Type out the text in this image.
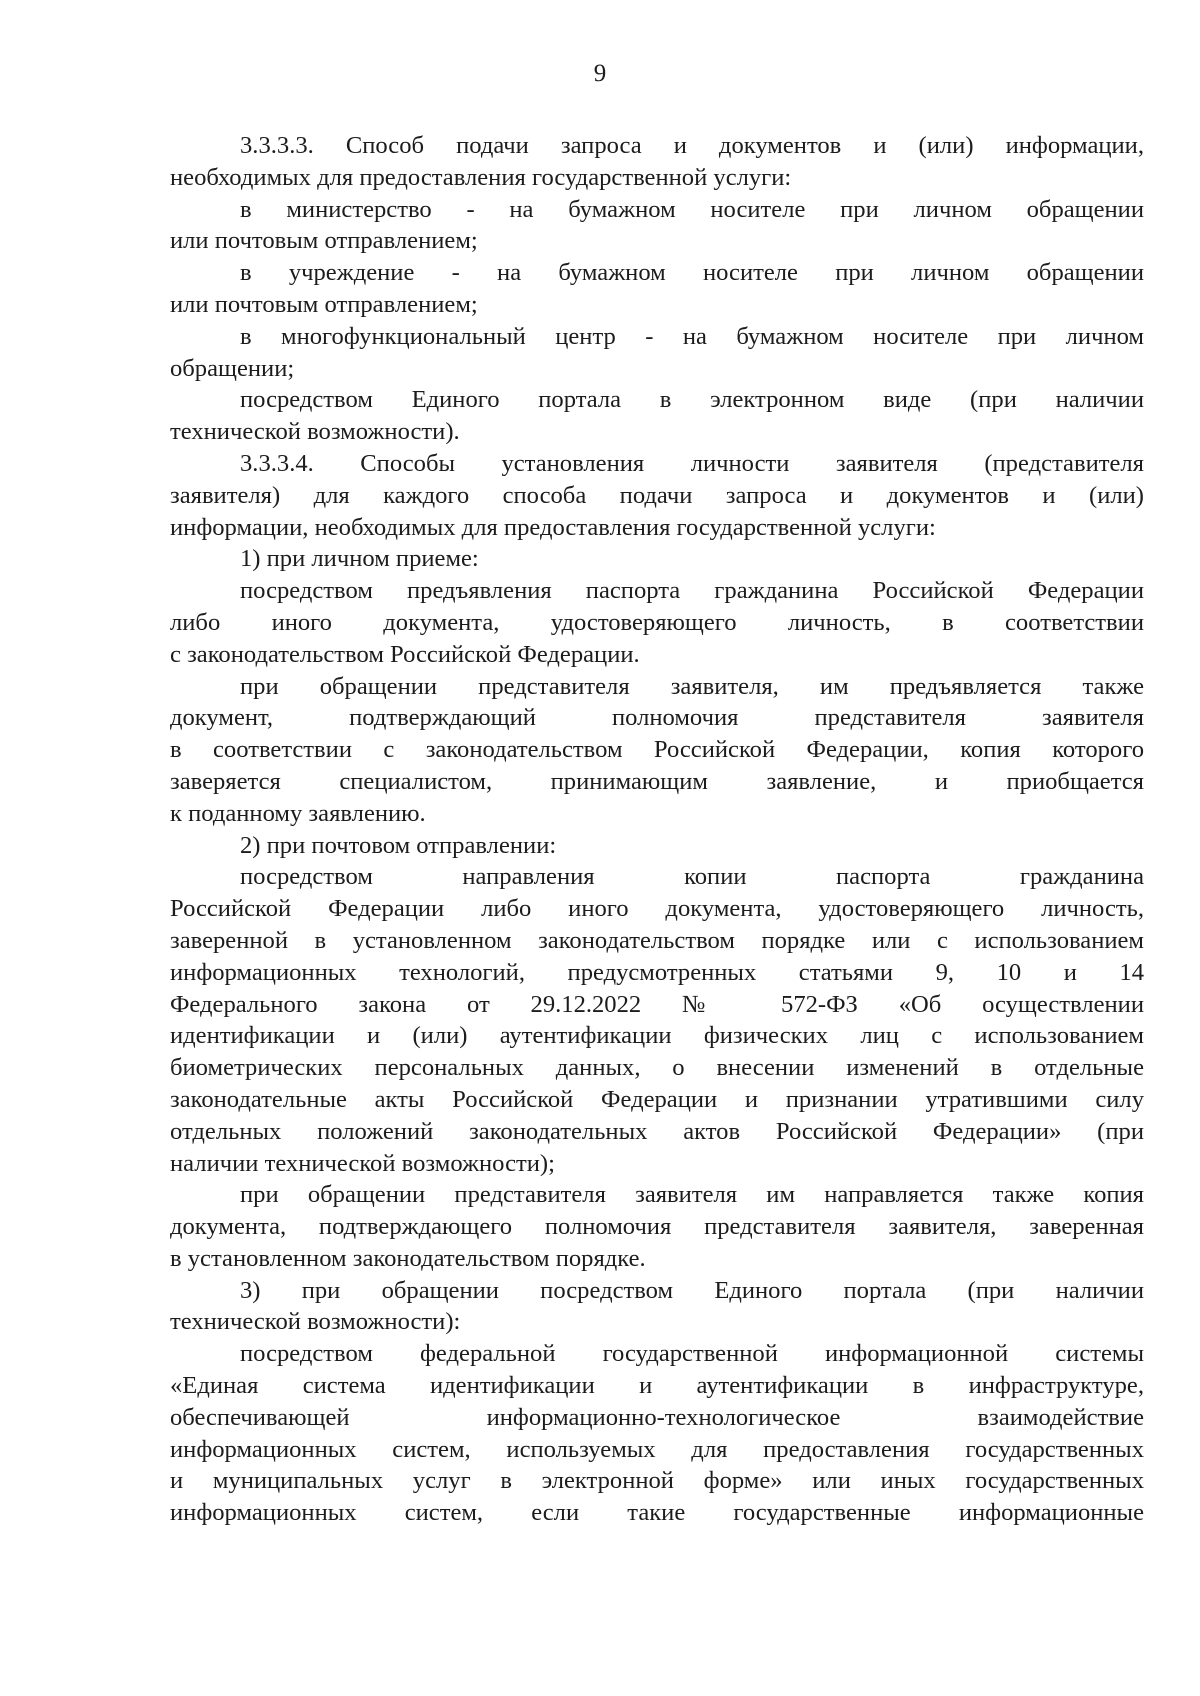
9

3.3.3.3. Способ подачи запроса и документов и (или) информации,
необходимых для предоставления государственной услуги:

в министерство - на бумажном носителе при личном обращении
или почтовым отправлением;

в учреждение - на бумажном носителе при личном обращении
или почтовым отправлением;

в многофункциональный центр - на бумажном носителе при личном
обращении;

посредством Единого портала в электронном виде (при наличии
технической возможности).

3.3.3.4. Способы установления личности заявителя (представителя
заявителя) для каждого способа подачи запроса и документов и (или)
информации, необходимых для предоставления государственной услуги:

1) при личном приеме:

посредством предъявления паспорта гражданина Российской Федерации
либо иного документа, удостоверяющего личность, в соответствии
с законодательством Российской Федерации.

при обращении представителя заявителя, им предъявляется также
документ, подтверждающий полномочия представителя заявителя
в соответствии с законодательством Российской Федерации, копия которого
заверяется специалистом, принимающим заявление, и приобщается
к поданному заявлению.

2) при почтовом отправлении:

посредством направления копии паспорта гражданина
Российской Федерации либо иного документа, удостоверяющего личность,
заверенной в установленном законодательством порядке или с использованием
информационных технологий, предусмотренных статьями 9, 10 и 14
Федерального закона от 29.12.2022 № 572-ФЗ «Об осуществлении
идентификации и (или) аутентификации физических лиц с использованием
биометрических персональных данных, о внесении изменений в отдельные
законодательные акты Российской Федерации и признании утратившими силу
отдельных положений законодательных актов Российской Федерации» (при
наличии технической возможности);

при обращении представителя заявителя им направляется также копия
документа, подтверждающего полномочия представителя заявителя, заверенная
в установленном законодательством порядке.

3) при обращении посредством Единого портала (при наличии
технической возможности):

посредством федеральной государственной информационной системы
«Единая система идентификации и аутентификации в инфраструктуре,
обеспечивающей информационно-технологическое взаимодействие
информационных систем, используемых для предоставления государственных
и муниципальных услуг в электронной форме» или иных государственных
информационных систем, если такие государственные информационные
